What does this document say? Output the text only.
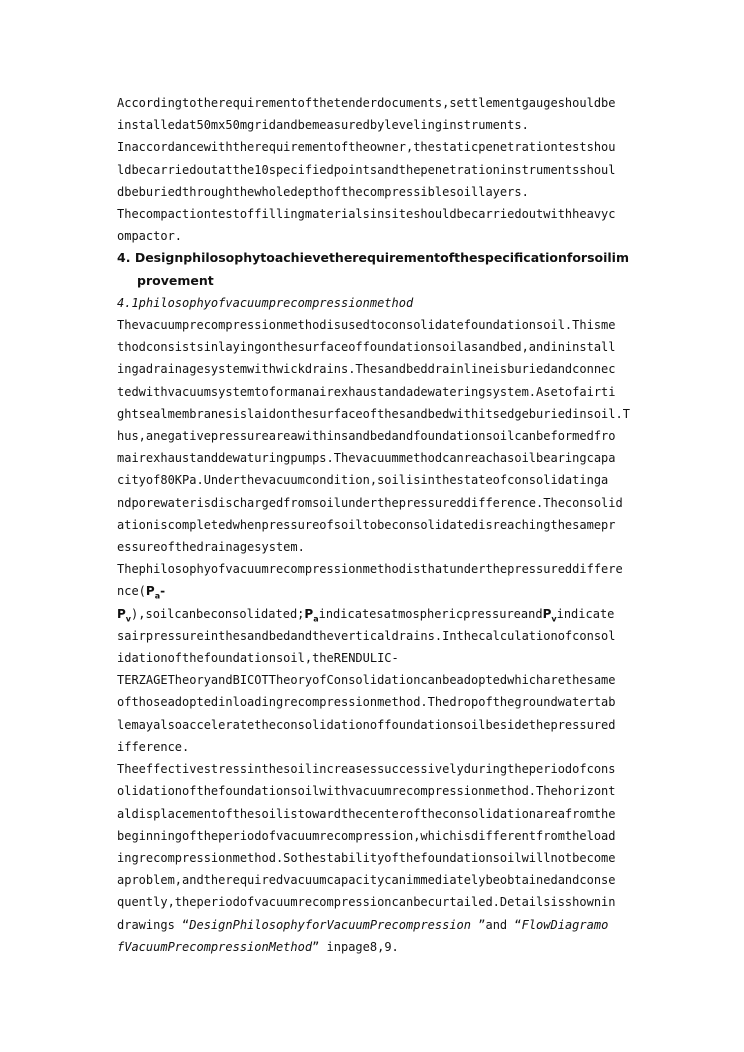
Accordingtotherequirementofthetenderdocuments,settlementgaugeshouldbe
installedat50mx50mgridandbemeasuredbylevelinginstruments.

Inaccordancewiththerequirementoftheowner,thestaticpenetrationtestshou
ldbecarriedoutatthe10specifiedpointsandthepenetrationinstrumentsshoul
dbeburiedthroughthewholedepthofthecompressiblesoillayers.

Thecompactiontestoffillingmaterialsinsiteshouldbecarriedoutwithheavyc
ompactor.

4. Designphilosophytoachievetherequirementofthespecificationforsoilim
provement

4.1philosophyofvacuumprecompressionmethod

Thevacuumprecompressionmethodisusedtoconsolidatefoundationsoil.Thisme
thodconsistsinlayingonthesurfaceoffoundationsoilasandbed,andininstall
ingadrainagesystemwithwickdrains.Thesandbeddrainlineisburiedandconnec
tedwithvacuumsystemtoformanairexhaustandadewateringsystem.Asetofairti
ghtsealmembranesislaidonthesurfaceofthesandbedwithitsedgeburiedinsoil.T
hus,anegativepressureareawithinsandbedandfoundationsoilcanbeformedfro
mairexhaustanddewaturingpumps.Thevacuummethodcanreachasoilbearingcapa
cityof80KPa.Underthevacuumcondition,soilisinthestateofconsolidatinga
ndporewaterisdischargedfromsoilunderthepressureddifference.Theconsolid
ationiscompletedwhenpressureofsoiltobeconsolidatedisreachingthesamepr
essureofthedrainagesystem.

Thephilosophyofvacuumrecompressionmethodisthatunderthepressureddiffere
$nce(P_a-$
$P_v),soilcanbeconsolidated;P_aindicatesatmosphericpressureandP_vindicate$
sairpressureinthesandbedandtheverticaldrains.Inthecalculationofconsol
idationofthefoundationsoil,theRENDULIC-
TERZAGETheoryandBICOTTheoryofConsolidationcanbeadoptedwhicharethesame
ofthoseadoptedinloadingrecompressionmethod.Thedropofthegroundwatertab
lemayalsoacceleratetheconsolidationoffoundationsoilbesidethepressured
ifference.

Theeffectivestressinthesoilincreasessuccessivelyduringtheperiodofcons
olidationofthefoundationsoilwithvacuumrecompressionmethod.Thehorizont
aldisplacementofthesoilistowardthecenteroftheconsolidationareafromthe
beginningoftheperiodofvacuumrecompression,whichisdifferentfromtheload
ingrecompressionmethod.Sothestabilityofthefoundationsoilwillnotbecome
aproblem,andtherequiredvacuumcapacitycanimmediatelybeobtainedandconse
quently,theperiodofvacuumrecompressioncanbecurtailed.Detailsisshownin
drawings “DesignPhilosophyforVacuumPrecompression ”and “FlowDiagramo
fVacuumPrecompressionMethod” inpage8,9.
